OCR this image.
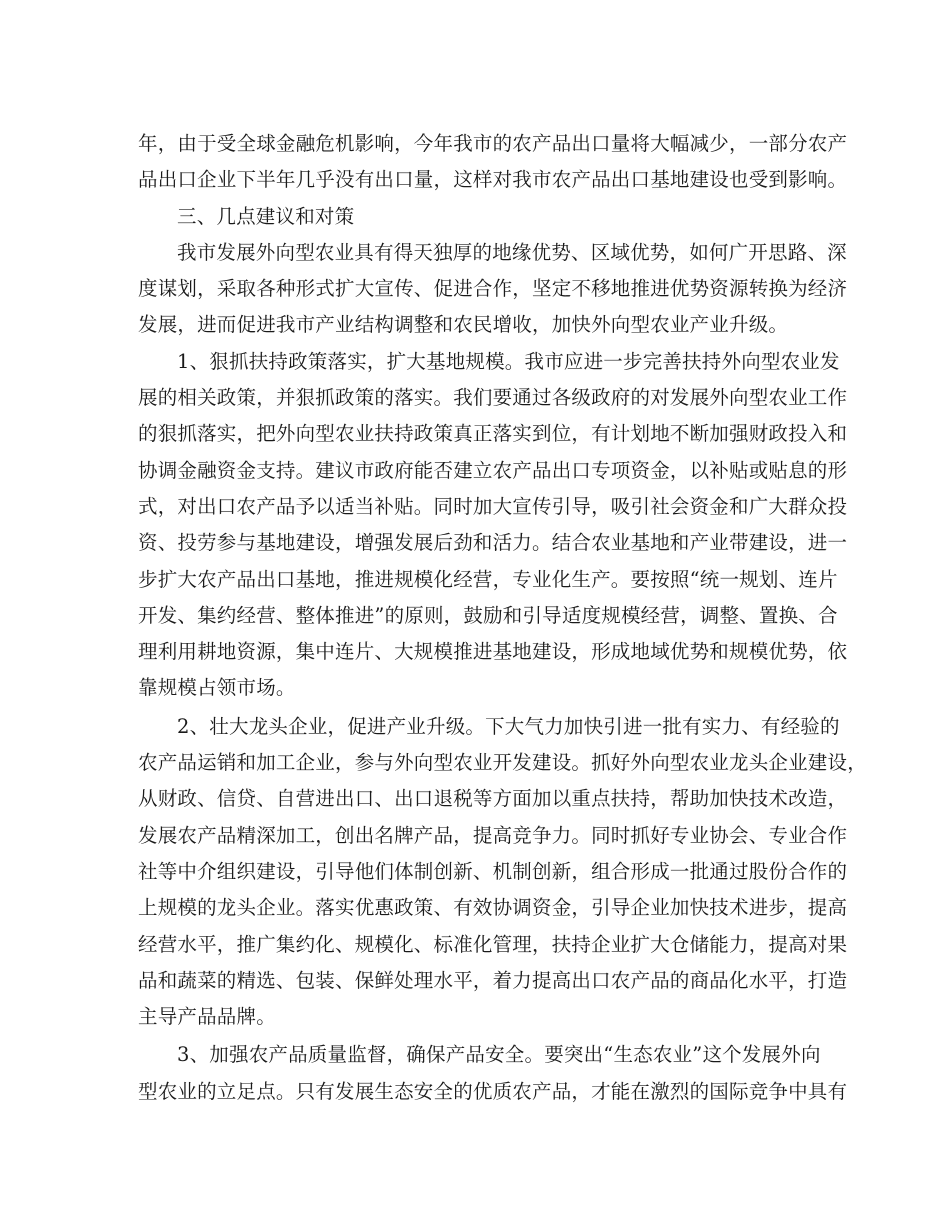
年，由于受全球金融危机影响，今年我市的农产品出口量将大幅减少，一部分农产
品出口企业下半年几乎没有出口量，这样对我市农产品出口基地建设也受到影响。
三、几点建议和对策
我市发展外向型农业具有得天独厚的地缘优势、区域优势，如何广开思路、深
度谋划，采取各种形式扩大宣传、促进合作，坚定不移地推进优势资源转换为经济
发展，进而促进我市产业结构调整和农民增收，加快外向型农业产业升级。
1、狠抓扶持政策落实，扩大基地规模。我市应进一步完善扶持外向型农业发
展的相关政策，并狠抓政策的落实。我们要通过各级政府的对发展外向型农业工作
的狠抓落实，把外向型农业扶持政策真正落实到位，有计划地不断加强财政投入和
协调金融资金支持。建议市政府能否建立农产品出口专项资金，以补贴或贴息的形
式，对出口农产品予以适当补贴。同时加大宣传引导，吸引社会资金和广大群众投
资、投劳参与基地建设，增强发展后劲和活力。结合农业基地和产业带建设，进一
步扩大农产品出口基地，推进规模化经营，专业化生产。要按照“统一规划、连片
开发、集约经营、整体推进”的原则，鼓励和引导适度规模经营，调整、置换、合
理利用耕地资源，集中连片、大规模推进基地建设，形成地域优势和规模优势，依
靠规模占领市场。
2、壮大龙头企业，促进产业升级。下大气力加快引进一批有实力、有经验的
农产品运销和加工企业，参与外向型农业开发建设。抓好外向型农业龙头企业建设，
从财政、信贷、自营进出口、出口退税等方面加以重点扶持，帮助加快技术改造，
发展农产品精深加工，创出名牌产品，提高竞争力。同时抓好专业协会、专业合作
社等中介组织建设，引导他们体制创新、机制创新，组合形成一批通过股份合作的
上规模的龙头企业。落实优惠政策、有效协调资金，引导企业加快技术进步，提高
经营水平，推广集约化、规模化、标准化管理，扶持企业扩大仓储能力，提高对果
品和蔬菜的精选、包装、保鲜处理水平，着力提高出口农产品的商品化水平，打造
主导产品品牌。
3、加强农产品质量监督，确保产品安全。要突出“生态农业”这个发展外向
型农业的立足点。只有发展生态安全的优质农产品，才能在激烈的国际竞争中具有
